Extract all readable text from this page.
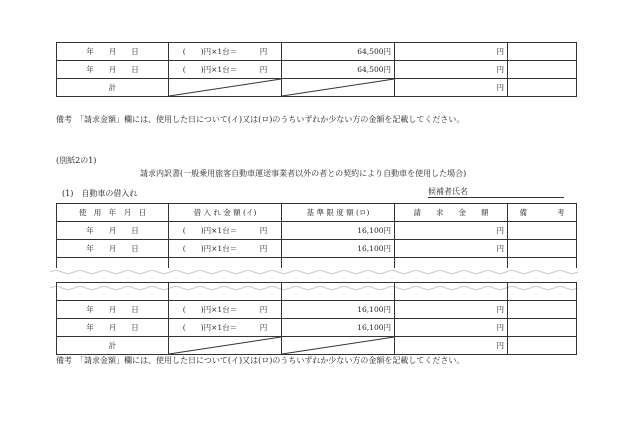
年　　月　　日	(　　)円×1台＝　　　円	64,500円	円	
年　　月　　日	(　　)円×1台＝　　　円	64,500円	円	
計			円	
備考　「請求金額」欄には、使用した日について(イ)又は(ロ)のうちいずれか少ない方の金額を記載してください。
(別紙2の1)
請求内訳書(一般乗用旅客自動車運送事業者以外の者との契約により自動車を使用した場合)
(1)　自動車の借入れ	候補者氏名
使　用　年　月　日	借 入 れ 金 額 (イ)	基 準 限 度 額 (ロ)	請　　求　　金　　額	備　　　　考
年　　月　　日	(　　)円×1台＝　　　円	16,100円	円	
年　　月　　日	(　　)円×1台＝　　　円	16,100円	円	

年　　月　　日	(　　)円×1台＝　　　円	16,100円	円	
年　　月　　日	(　　)円×1台＝　　　円	16,100円	円	
計			円	
備考　「請求金額」欄には、使用した日について(イ)又は(ロ)のうちいずれか少ない方の金額を記載してください。
